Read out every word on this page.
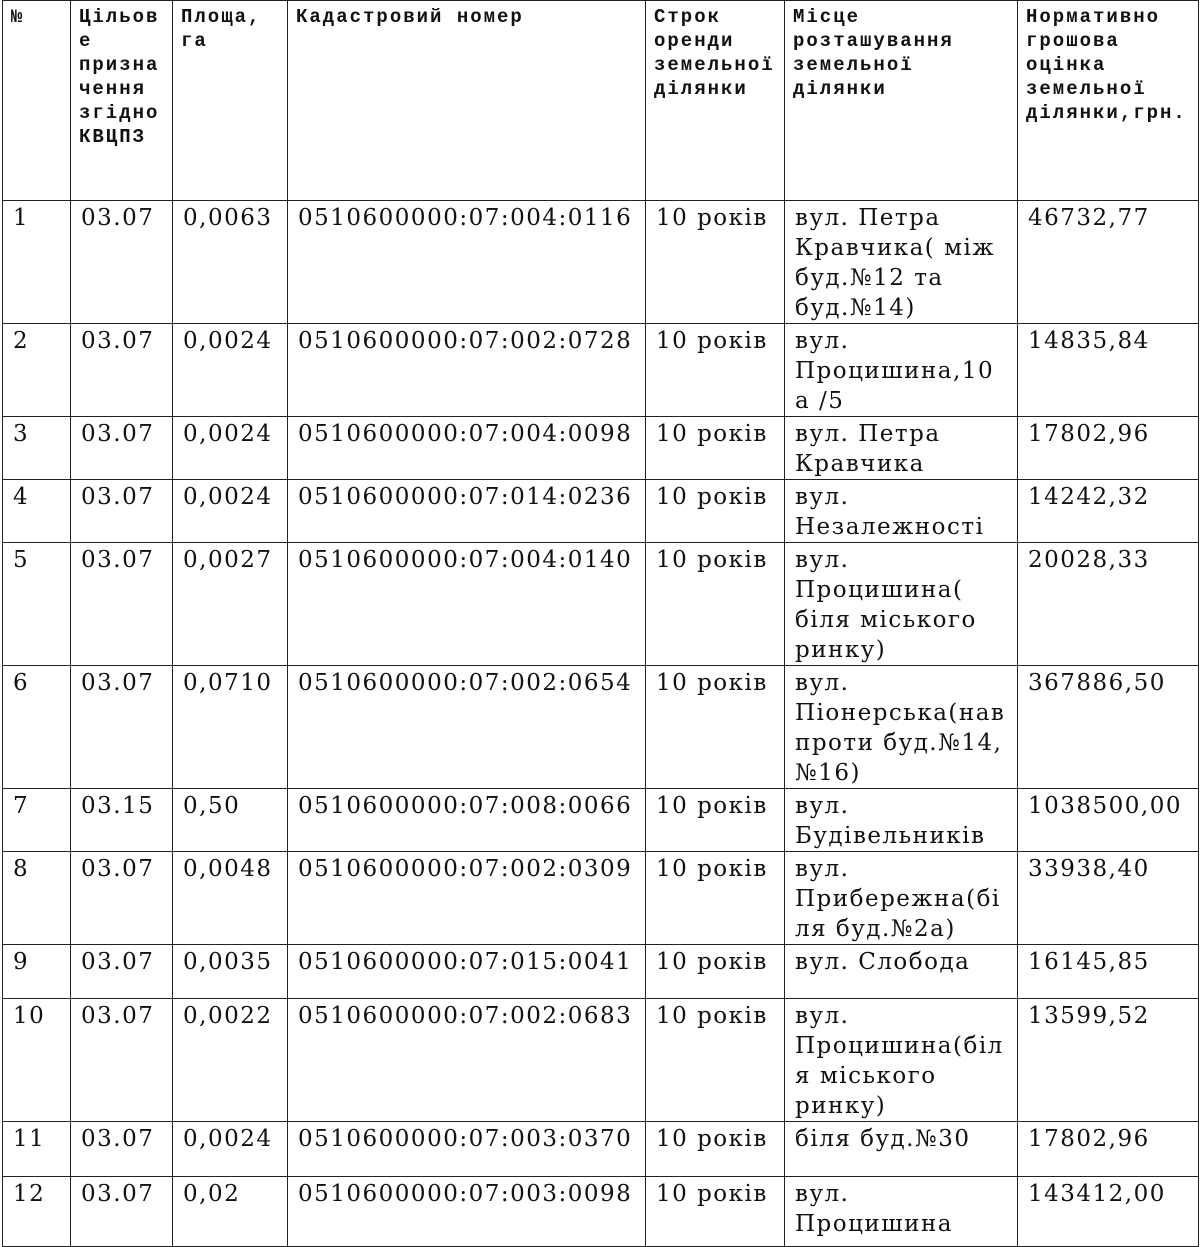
№	Цільове призначення згідно КВЦПЗ	Площа, га	Кадастровий номер	Строк оренди земельної ділянки	Місце розташування земельної ділянки	Нормативно грошова оцінка земельної ділянки,грн.
1	03.07	0,0063	0510600000:07:004:0116	10 років	вул. Петра Кравчика( між буд.№12 та буд.№14)	46732,77
2	03.07	0,0024	0510600000:07:002:0728	10 років	вул. Процишина,10а /5	14835,84
3	03.07	0,0024	0510600000:07:004:0098	10 років	вул. Петра Кравчика	17802,96
4	03.07	0,0024	0510600000:07:014:0236	10 років	вул. Незалежності	14242,32
5	03.07	0,0027	0510600000:07:004:0140	10 років	вул. Процишина( біля міського ринку)	20028,33
6	03.07	0,0710	0510600000:07:002:0654	10 років	вул. Піонерська(навпроти буд.№14, №16)	367886,50
7	03.15	0,50	0510600000:07:008:0066	10 років	вул. Будівельників	1038500,00
8	03.07	0,0048	0510600000:07:002:0309	10 років	вул. Прибережна(біля буд.№2а)	33938,40
9	03.07	0,0035	0510600000:07:015:0041	10 років	вул. Слобода	16145,85
10	03.07	0,0022	0510600000:07:002:0683	10 років	вул. Процишина(біля міського ринку)	13599,52
11	03.07	0,0024	0510600000:07:003:0370	10 років	біля буд.№30	17802,96
12	03.07	0,02	0510600000:07:003:0098	10 років	вул. Процишина	143412,00
